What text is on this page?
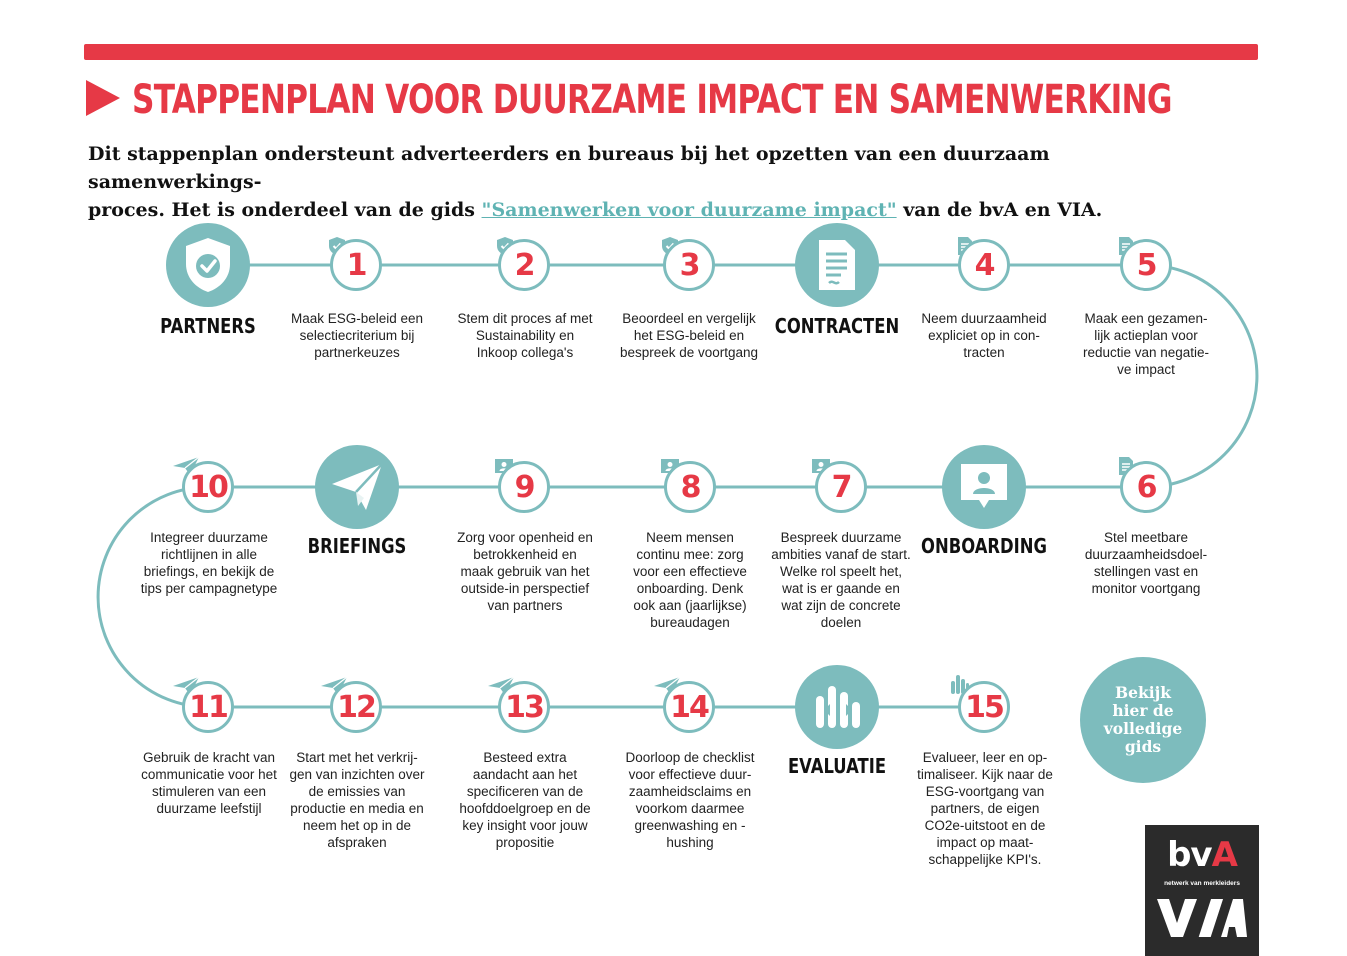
STAPPENPLAN VOOR DUURZAME IMPACT EN SAMENWERKING
Dit stappenplan ondersteunt adverteerders en bureaus bij het opzetten van een duurzaam samenwerkings-
proces. Het is onderdeel van de gids "Samenwerken voor duurzame impact" van de bvA en VIA.
PARTNERS	CONTRACTEN
ONBOARDING
BRIEFINGS
EVALUATIE
1	2	3	4	5
6
7
8
9
10
11	12	13	14	15
Maak ESG-beleid een selectiecriterium bij partnerkeuzes
Stem dit proces af met Sustainability en Inkoop collega's
Beoordeel en vergelijk het ESG-beleid en bespreek de voortgang
Neem duurzaamheid expliciet op in con-tracten
Maak een gezamen-lijk actieplan voor reductie van negatie-ve impact
Stel meetbare duurzaamheidsdoel-stellingen vast en monitor voortgang
Bespreek duurzame ambities vanaf de start. Welke rol speelt het, wat is er gaande en wat zijn de concrete doelen
Neem mensen continu mee: zorg voor een effectieve onboarding. Denk ook aan (jaarlijkse) bureaudagen
Zorg voor openheid en betrokkenheid en maak gebruik van het outside-in perspectief van partners
Integreer duurzame richtlijnen in alle briefings, en bekijk de tips per campagnetype
Gebruik de kracht van communicatie voor het stimuleren van een duurzame leefstijl
Start met het verkrij-gen van inzichten over de emissies van productie en media en neem het op in de afspraken
Besteed extra aandacht aan het specificeren van de hoofddoelgroep en de key insight voor jouw propositie
Doorloop de checklist voor effectieve duur-zaamheidsclaims en voorkom daarmee greenwashing en -hushing
Evalueer, leer en op-timaliseer. Kijk naar de ESG-voortgang van partners, de eigen CO2e-uitstoot en de impact op maat-schappelijke KPI's.
Bekijk
hier de
volledige
gids
bvA
netwerk van merkleiders
